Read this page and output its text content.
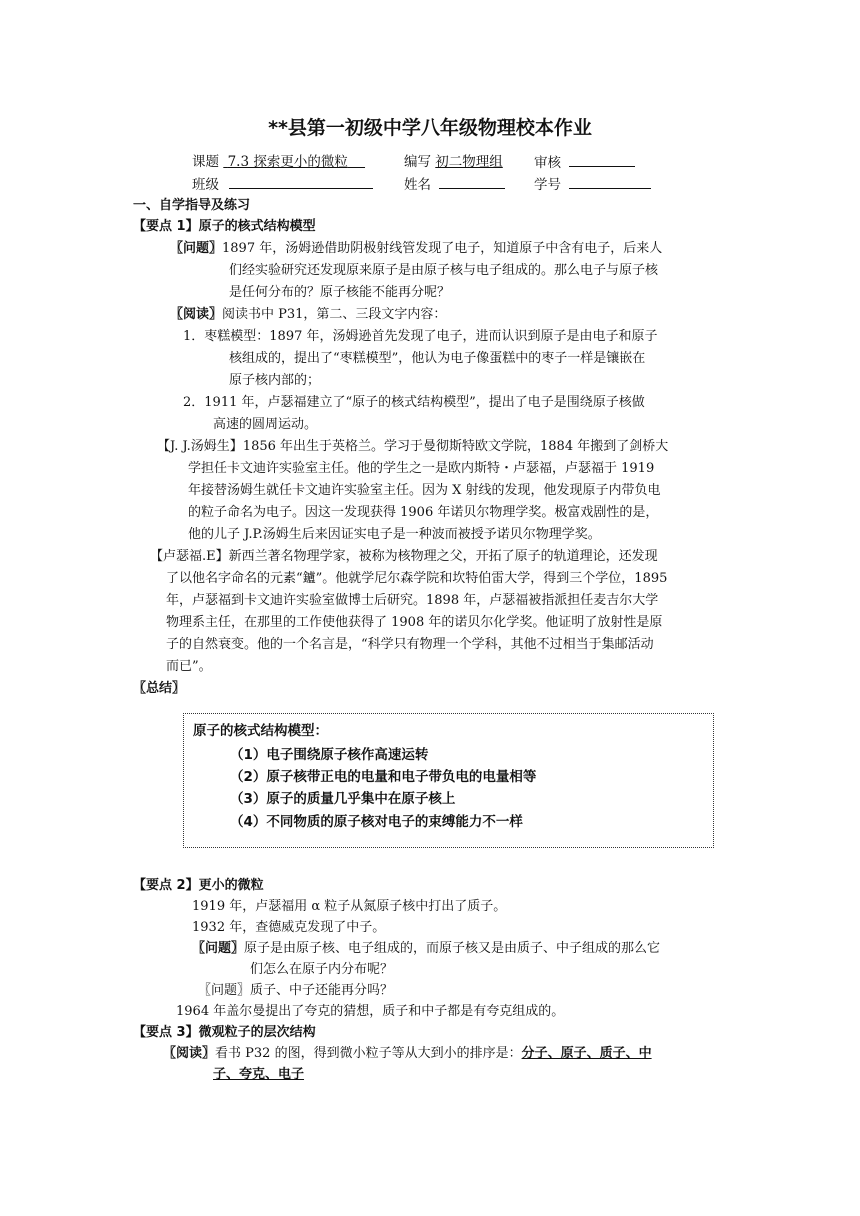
**县第一初级中学八年级物理校本作业
课题 7.3 探索更小的微粒	编写 初二物理组 审核
班级	姓名	学号
一、自学指导及练习
【要点 1】原子的核式结构模型
〖问题〗1897 年，汤姆逊借助阴极射线管发现了电子，知道原子中含有电子，后来人
们经实验研究还发现原来原子是由原子核与电子组成的。那么电子与原子核
是任何分布的？原子核能不能再分呢？
〖阅读〗阅读书中 P31，第二、三段文字内容：
1．枣糕模型：1897 年，汤姆逊首先发现了电子，进而认识到原子是由电子和原子
核组成的，提出了“枣糕模型”，他认为电子像蛋糕中的枣子一样是镶嵌在
原子核内部的；
2．1911 年，卢瑟福建立了“原子的核式结构模型”，提出了电子是围绕原子核做
高速的圆周运动。
【J. J.汤姆生】1856 年出生于英格兰。学习于曼彻斯特欧文学院，1884 年搬到了剑桥大
学担任卡文迪许实验室主任。他的学生之一是欧内斯特・卢瑟福，卢瑟福于 1919
年接替汤姆生就任卡文迪许实验室主任。因为 X 射线的发现，他发现原子内带负电
的粒子命名为电子。因这一发现获得 1906 年诺贝尔物理学奖。极富戏剧性的是，
他的儿子 J.P.汤姆生后来因证实电子是一种波而被授予诺贝尔物理学奖。
【卢瑟福.E】新西兰著名物理学家，被称为核物理之父，开拓了原子的轨道理论，还发现
了以他名字命名的元素“鑪”。他就学尼尔森学院和坎特伯雷大学，得到三个学位，1895
年，卢瑟福到卡文迪许实验室做博士后研究。1898 年，卢瑟福被指派担任麦吉尔大学
物理系主任，在那里的工作使他获得了 1908 年的诺贝尔化学奖。他证明了放射性是原
子的自然衰变。他的一个名言是，“科学只有物理一个学科，其他不过相当于集邮活动
而已”。
〖总结〗
原子的核式结构模型：
（1）电子围绕原子核作高速运转
（2）原子核带正电的电量和电子带负电的电量相等
（3）原子的质量几乎集中在原子核上
（4）不同物质的原子核对电子的束缚能力不一样
【要点 2】更小的微粒
1919 年，卢瑟福用 α 粒子从氮原子核中打出了质子。
1932 年，查德威克发现了中子。
〖问题〗原子是由原子核、电子组成的，而原子核又是由质子、中子组成的那么它
们怎么在原子内分布呢？
〖问题〗质子、中子还能再分吗？
1964 年盖尔曼提出了夸克的猜想，质子和中子都是有夸克组成的。
【要点 3】微观粒子的层次结构
〖阅读〗看书 P32 的图，得到微小粒子等从大到小的排序是：分子、原子、质子、中
子、夸克、电子
